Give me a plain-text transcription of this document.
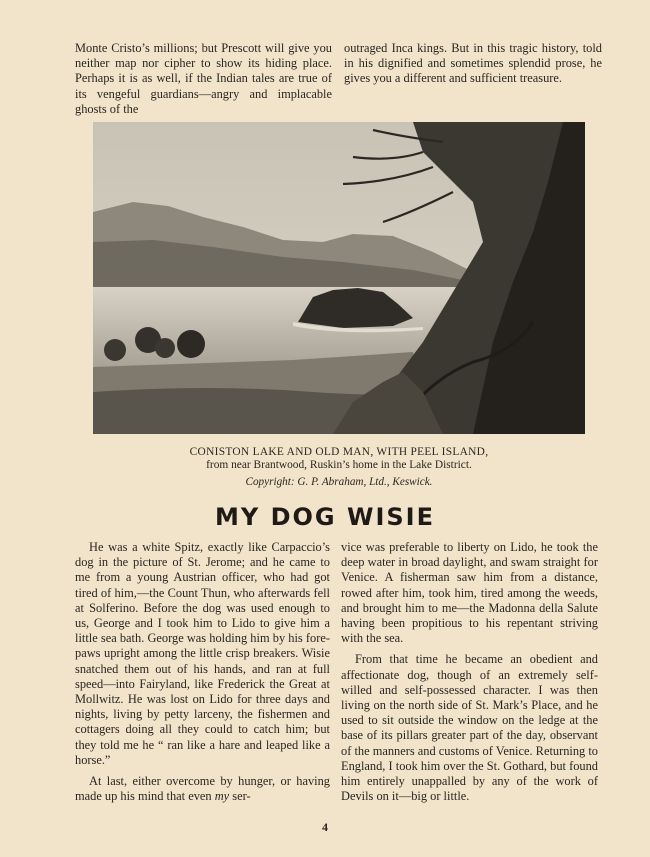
Monte Cristo’s millions; but Prescott will give you neither map nor cipher to show its hiding place. Perhaps it is as well, if the Indian tales are true of its vengeful guardians—angry and implacable ghosts of the

outraged Inca kings. But in this tragic history, told in his dignified and sometimes splendid prose, he gives you a different and sufficient treasure.

CONISTON LAKE AND OLD MAN, WITH PEEL ISLAND,
from near Brantwood, Ruskin’s home in the Lake District.
Copyright: G. P. Abraham, Ltd., Keswick.
MY DOG WISIE

He was a white Spitz, exactly like Carpaccio’s dog in the picture of St. Jerome; and he came to me from a young Austrian officer, who had got tired of him,—the Count Thun, who afterwards fell at Solferino. Before the dog was used enough to us, George and I took him to Lido to give him a little sea bath. George was holding him by his fore-paws upright among the little crisp breakers. Wisie snatched them out of his hands, and ran at full speed—into Fairyland, like Frederick the Great at Mollwitz. He was lost on Lido for three days and nights, living by petty larceny, the fishermen and cottagers doing all they could to catch him; but they told me he “ ran like a hare and leaped like a horse.”

At last, either overcome by hunger, or having made up his mind that even my ser-

vice was preferable to liberty on Lido, he took the deep water in broad daylight, and swam straight for Venice. A fisherman saw him from a distance, rowed after him, took him, tired among the weeds, and brought him to me—the Madonna della Salute having been propitious to his repentant striving with the sea.

From that time he became an obedient and affectionate dog, though of an extremely self-willed and self-possessed character. I was then living on the north side of St. Mark’s Place, and he used to sit outside the window on the ledge at the base of its pillars greater part of the day, observant of the manners and customs of Venice. Returning to England, I took him over the St. Gothard, but found him entirely unappalled by any of the work of Devils on it—big or little.

4
